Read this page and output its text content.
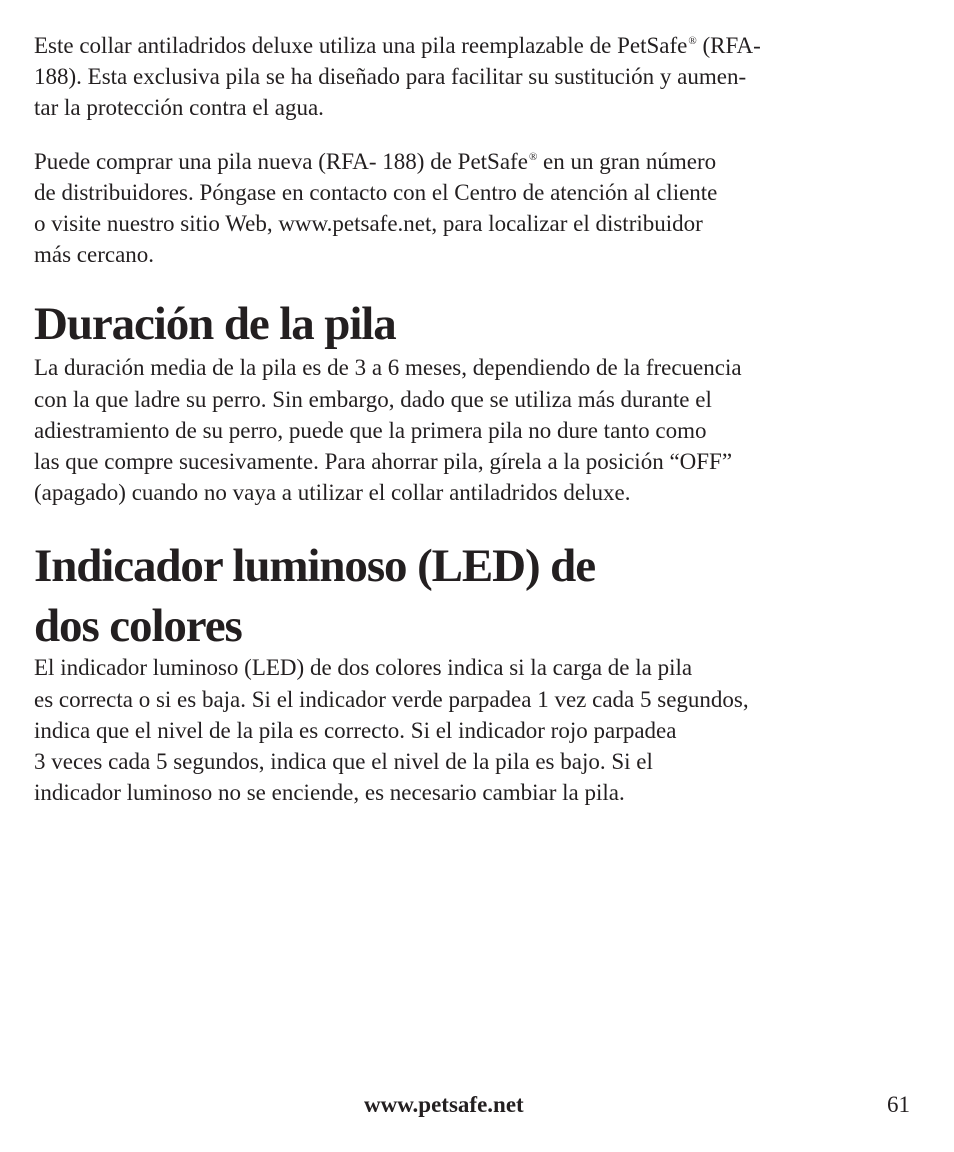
Este collar antiladridos deluxe utiliza una pila reemplazable de PetSafe® (RFA-
188). Esta exclusiva pila se ha diseñado para facilitar su sustitución y aumen-
tar la protección contra el agua.

Puede comprar una pila nueva (RFA- 188) de PetSafe® en un gran número
de distribuidores. Póngase en contacto con el Centro de atención al cliente
o visite nuestro sitio Web, www.petsafe.net, para localizar el distribuidor
más cercano.

Duración de la pila

La duración media de la pila es de 3 a 6 meses, dependiendo de la frecuencia
con la que ladre su perro. Sin embargo, dado que se utiliza más durante el
adiestramiento de su perro, puede que la primera pila no dure tanto como
las que compre sucesivamente. Para ahorrar pila, gírela a la posición “OFF”
(apagado) cuando no vaya a utilizar el collar antiladridos deluxe.

Indicador luminoso (LED) de
dos colores

El indicador luminoso (LED) de dos colores indica si la carga de la pila
es correcta o si es baja. Si el indicador verde parpadea 1 vez cada 5 segundos,
indica que el nivel de la pila es correcto. Si el indicador rojo parpadea
3 veces cada 5 segundos, indica que el nivel de la pila es bajo. Si el
indicador luminoso no se enciende, es necesario cambiar la pila.

www.petsafe.net	61
